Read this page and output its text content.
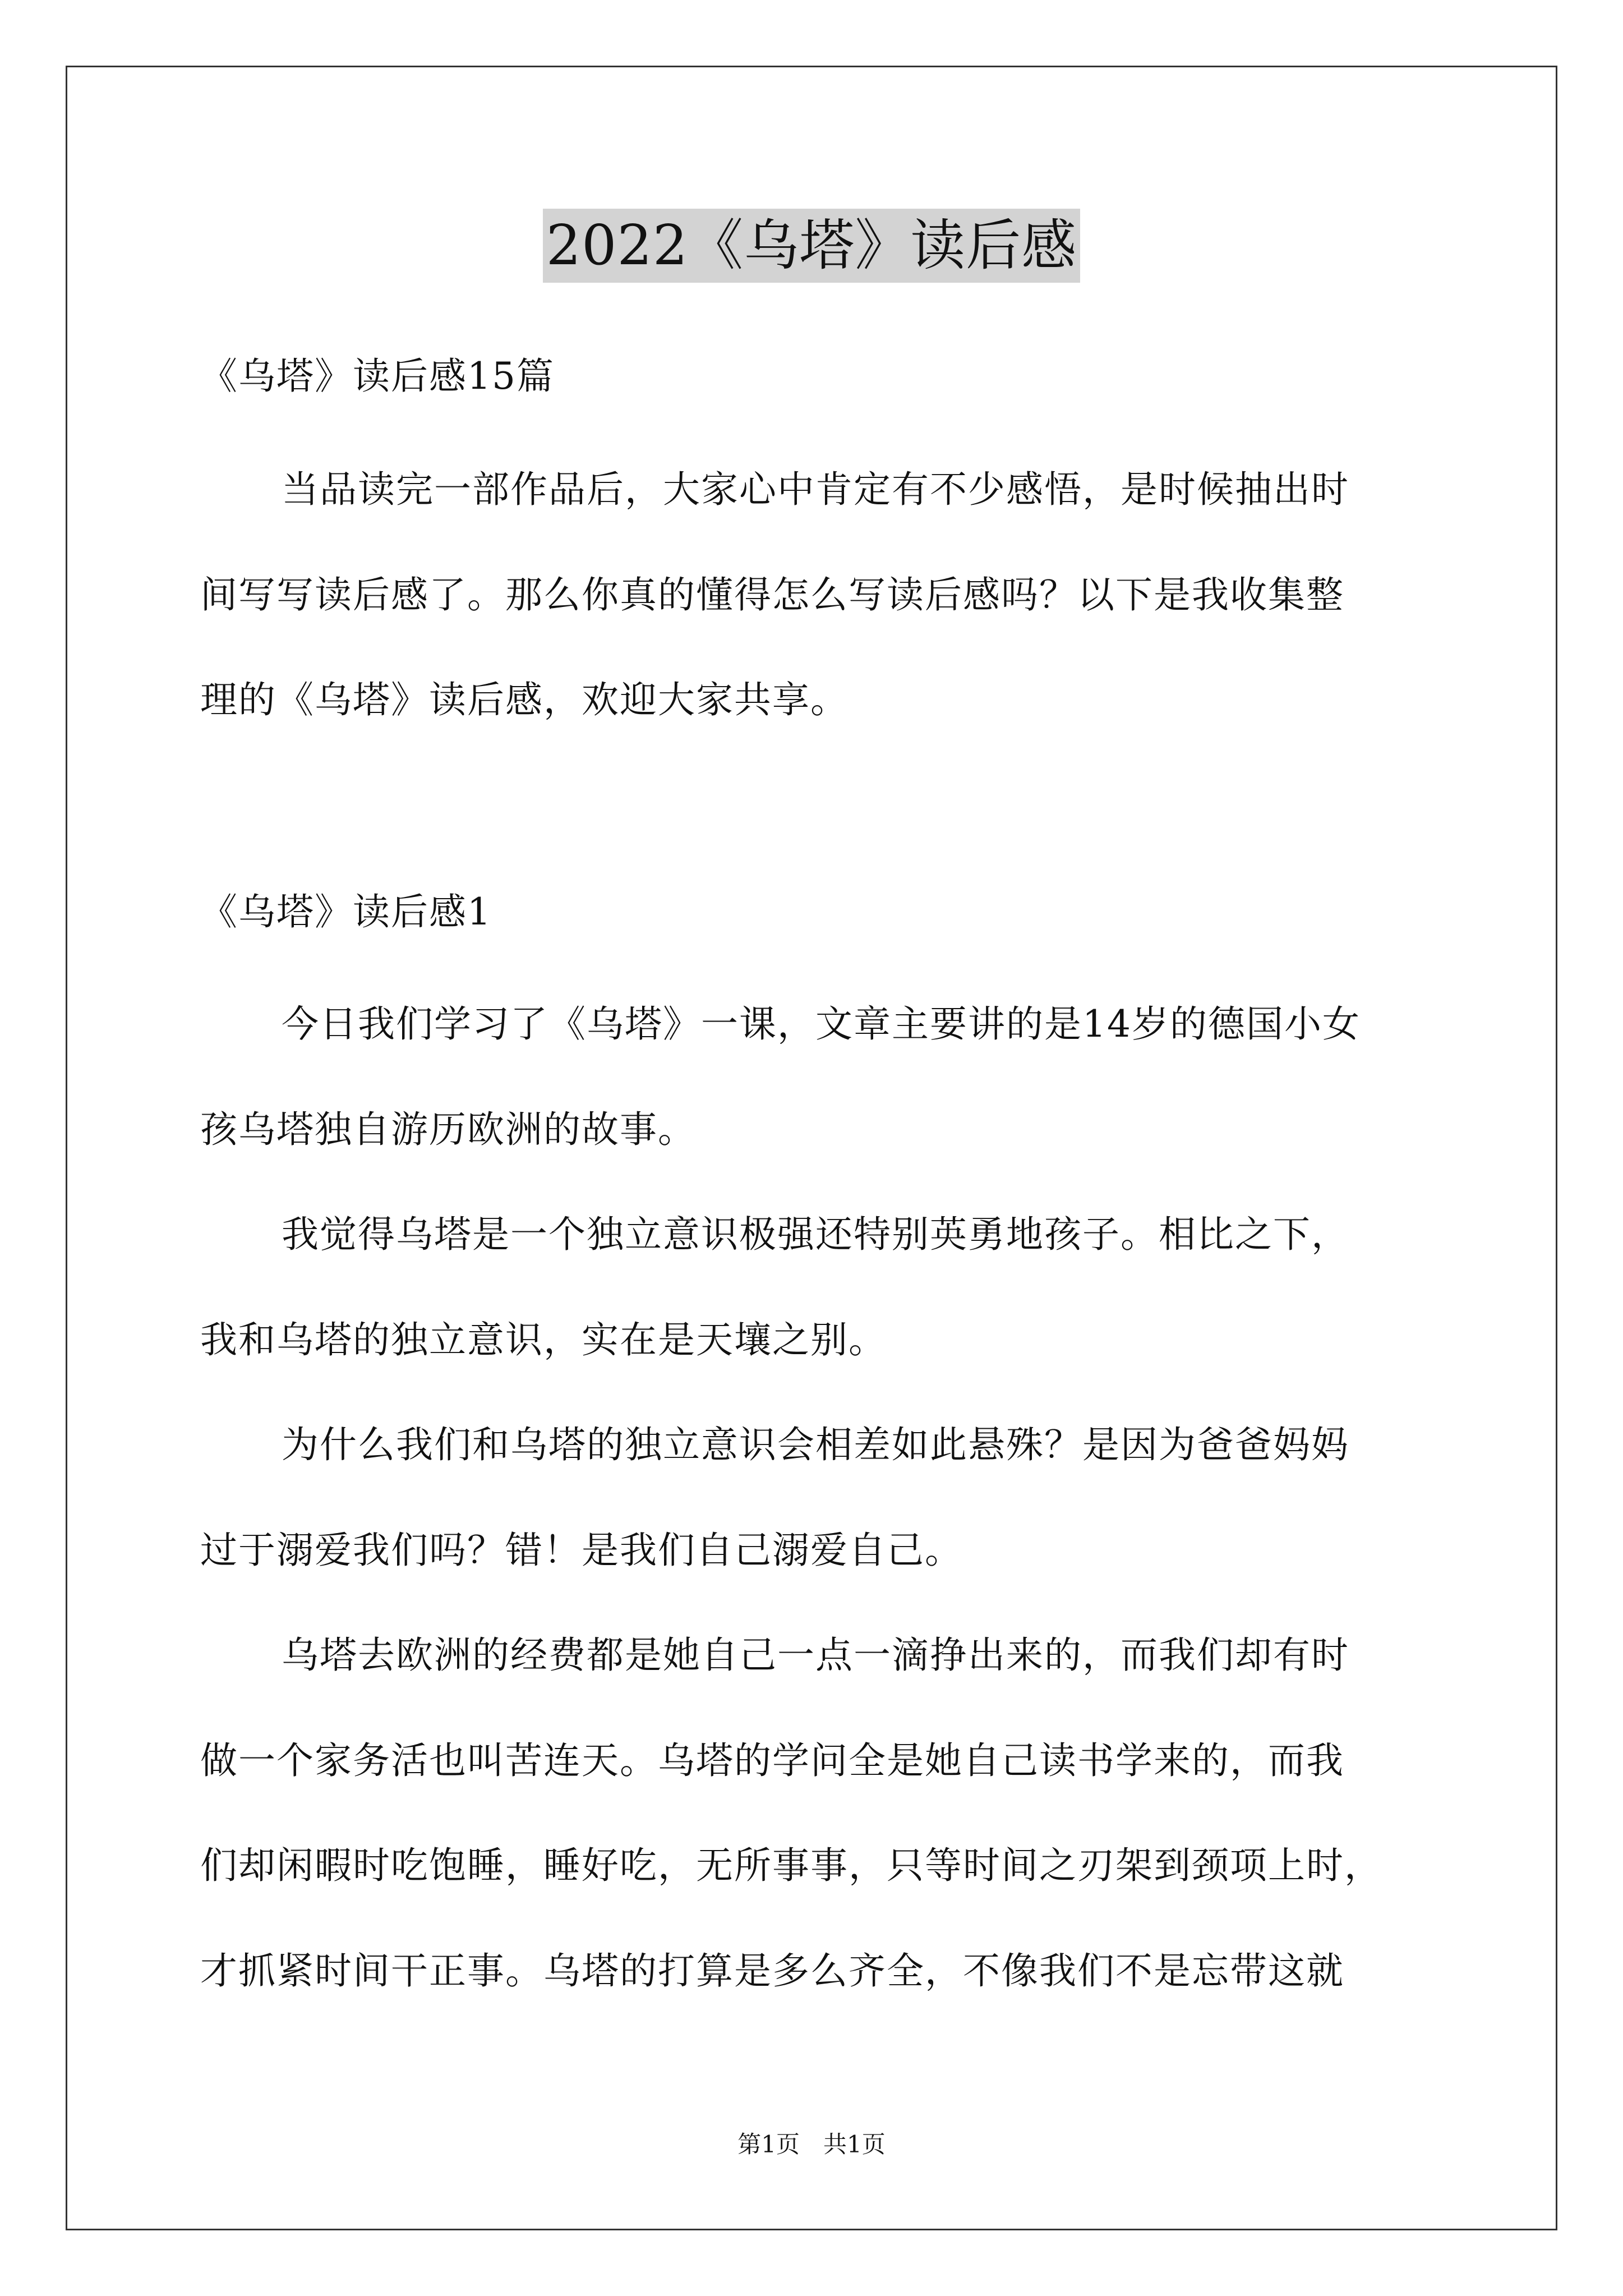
2022《乌塔》读后感
《乌塔》读后感15篇
当品读完一部作品后，大家心中肯定有不少感悟，是时候抽出时
间写写读后感了。那么你真的懂得怎么写读后感吗？以下是我收集整
理的《乌塔》读后感，欢迎大家共享。
《乌塔》读后感1
今日我们学习了《乌塔》一课，文章主要讲的是14岁的德国小女
孩乌塔独自游历欧洲的故事。
我觉得乌塔是一个独立意识极强还特别英勇地孩子。相比之下，
我和乌塔的独立意识，实在是天壤之别。
为什么我们和乌塔的独立意识会相差如此悬殊？是因为爸爸妈妈
过于溺爱我们吗？错！是我们自己溺爱自己。
乌塔去欧洲的经费都是她自己一点一滴挣出来的，而我们却有时
做一个家务活也叫苦连天。乌塔的学问全是她自己读书学来的，而我
们却闲暇时吃饱睡，睡好吃，无所事事，只等时间之刃架到颈项上时，
才抓紧时间干正事。乌塔的打算是多么齐全，不像我们不是忘带这就
第1页　共1页
